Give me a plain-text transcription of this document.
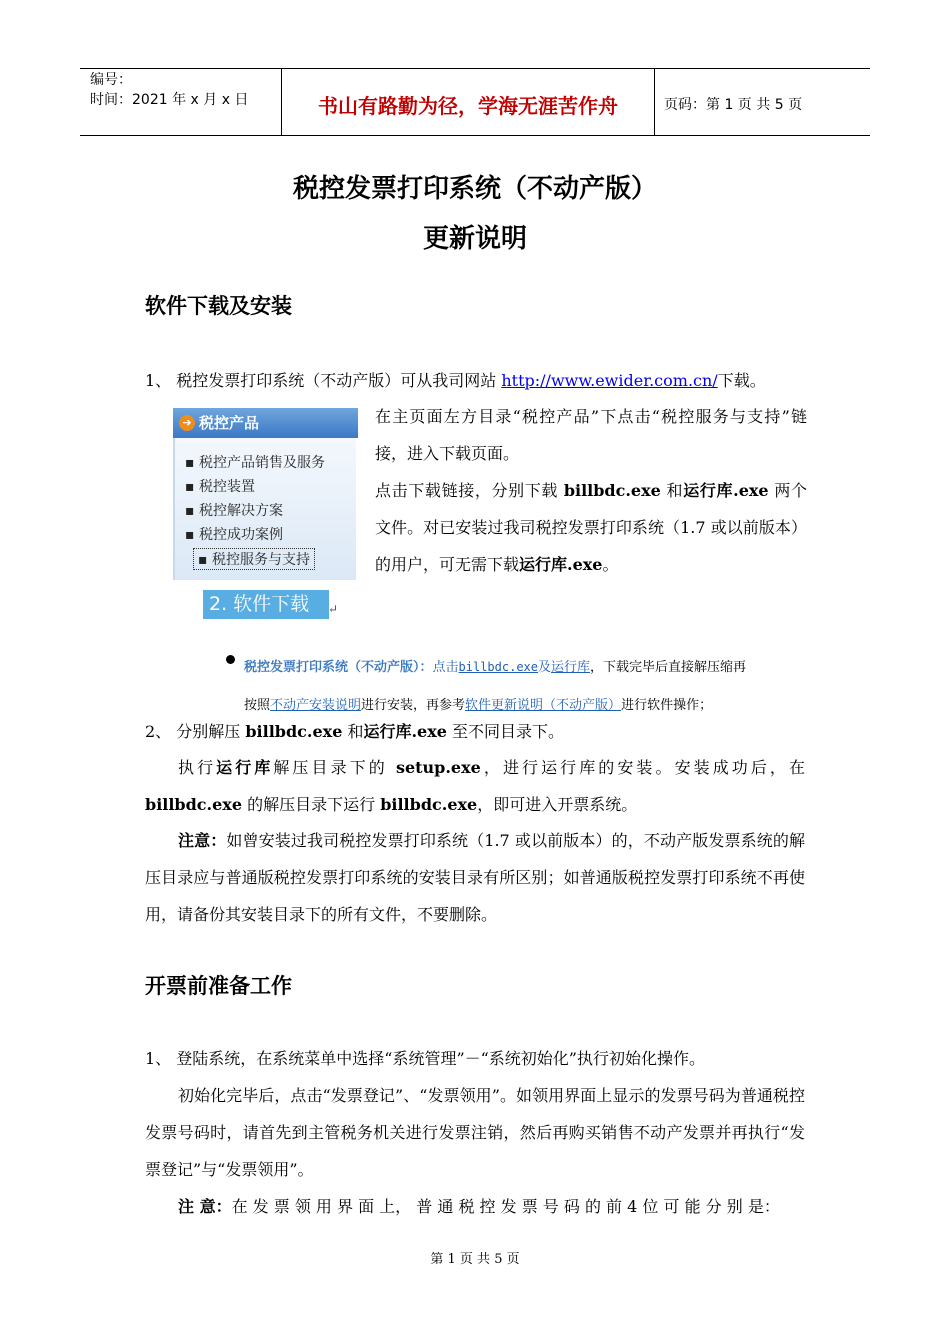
编号：
时间：2021 年 x 月 x 日	书山有路勤为径，学海无涯苦作舟	页码：第 1 页 共 5 页
税控发票打印系统（不动产版）
更新说明
软件下载及安装
1、 税控发票打印系统（不动产版）可从我司网站 http://www.ewider.com.cn/下载。
➔ 税控产品
▪ 税控产品销售及服务
▪ 税控装置
▪ 税控解决方案
▪ 税控成功案例
▪ 税控服务与支持
2. 软件下载	↵
在主页面左方目录“税控产品”下点击“税控服务与支持”链接，进入下载页面。
点击下载链接，分别下载 billbdc.exe 和运行库.exe 两个文件。对已安装过我司税控发票打印系统（1.7 或以前版本）的用户，可无需下载运行库.exe。
税控发票打印系统（不动产版）：点击billbdc.exe及运行库，下载完毕后直接解压缩再
按照不动产安装说明进行安装，再参考软件更新说明（不动产版）进行软件操作；
2、 分别解压 billbdc.exe 和运行库.exe 至不同目录下。
执行运行库解压目录下的 setup.exe，进行运行库的安装。安装成功后，在 billbdc.exe 的解压目录下运行 billbdc.exe，即可进入开票系统。
注意：如曾安装过我司税控发票打印系统（1.7 或以前版本）的，不动产版发票系统的解压目录应与普通版税控发票打印系统的安装目录有所区别；如普通版税控发票打印系统不再使用，请备份其安装目录下的所有文件，不要删除。
开票前准备工作
1、 登陆系统，在系统菜单中选择“系统管理”－“系统初始化”执行初始化操作。
初始化完毕后，点击“发票登记”、“发票领用”。如领用界面上显示的发票号码为普通税控发票号码时，请首先到主管税务机关进行发票注销，然后再购买销售不动产发票并再执行“发票登记”与“发票领用”。
注 意：在 发 票 领 用 界 面 上， 普 通 税 控 发 票 号 码 的 前 4 位 可 能 分 别 是：
第 1 页 共 5 页
